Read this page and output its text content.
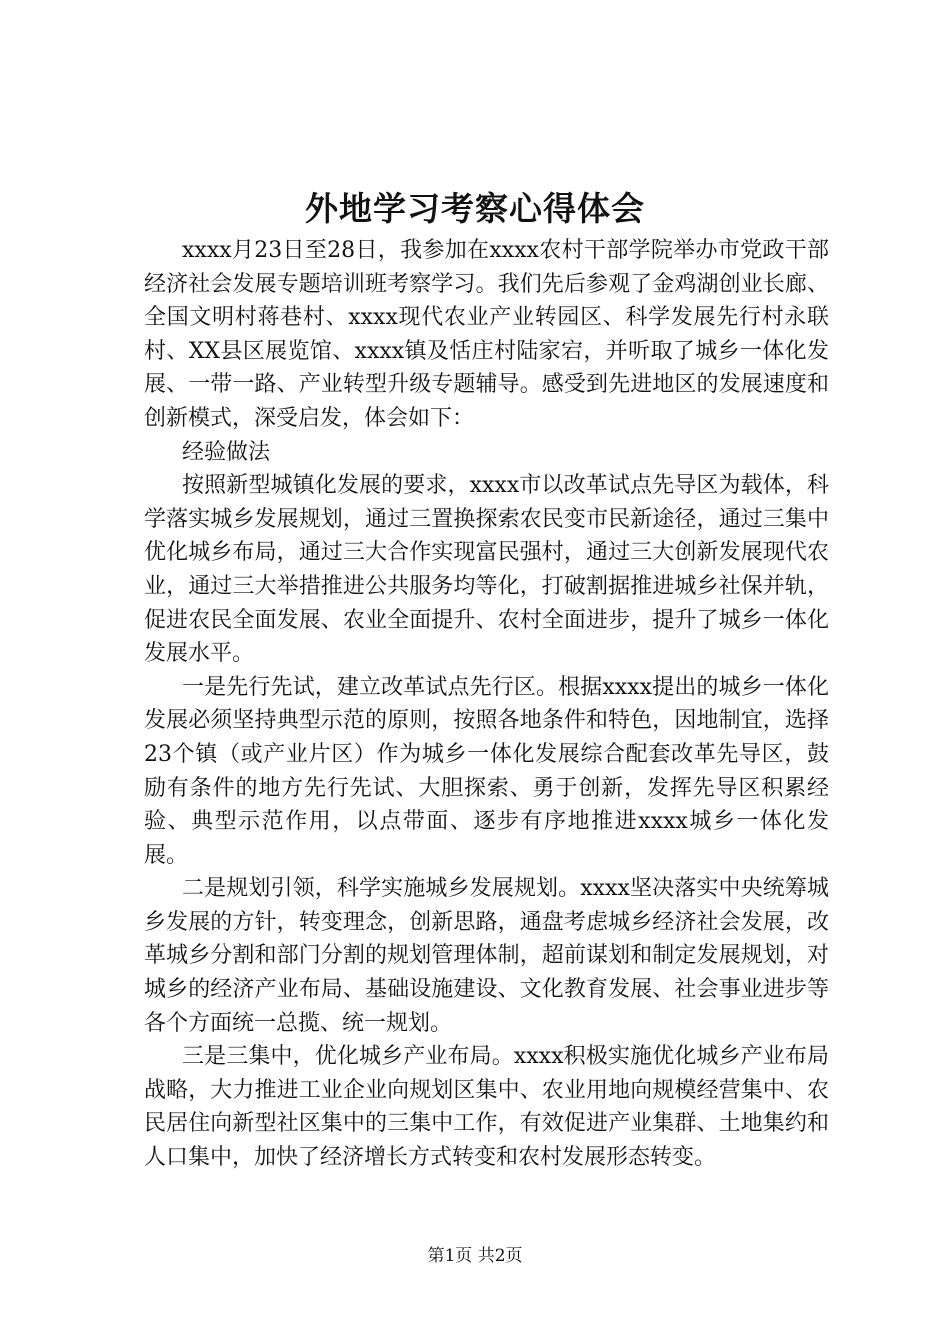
外地学习考察心得体会

xxxx月23日至28日，我参加在xxxx农村干部学院举办市党政干部经济社会发展专题培训班考察学习。我们先后参观了金鸡湖创业长廊、全国文明村蒋巷村、xxxx现代农业产业转园区、科学发展先行村永联村、XX县区展览馆、xxxx镇及恬庄村陆家宕，并听取了城乡一体化发展、一带一路、产业转型升级专题辅导。感受到先进地区的发展速度和创新模式，深受启发，体会如下：

经验做法

按照新型城镇化发展的要求，xxxx市以改革试点先导区为载体，科学落实城乡发展规划，通过三置换探索农民变市民新途径，通过三集中优化城乡布局，通过三大合作实现富民强村，通过三大创新发展现代农业，通过三大举措推进公共服务均等化，打破割据推进城乡社保并轨，促进农民全面发展、农业全面提升、农村全面进步，提升了城乡一体化发展水平。

一是先行先试，建立改革试点先行区。根据xxxx提出的城乡一体化发展必须坚持典型示范的原则，按照各地条件和特色，因地制宜，选择23个镇（或产业片区）作为城乡一体化发展综合配套改革先导区，鼓励有条件的地方先行先试、大胆探索、勇于创新，发挥先导区积累经验、典型示范作用，以点带面、逐步有序地推进xxxx城乡一体化发展。

二是规划引领，科学实施城乡发展规划。xxxx坚决落实中央统筹城乡发展的方针，转变理念，创新思路，通盘考虑城乡经济社会发展，改革城乡分割和部门分割的规划管理体制，超前谋划和制定发展规划，对城乡的经济产业布局、基础设施建设、文化教育发展、社会事业进步等各个方面统一总揽、统一规划。

三是三集中，优化城乡产业布局。xxxx积极实施优化城乡产业布局战略，大力推进工业企业向规划区集中、农业用地向规模经营集中、农民居住向新型社区集中的三集中工作，有效促进产业集群、土地集约和人口集中，加快了经济增长方式转变和农村发展形态转变。

第1页 共2页
